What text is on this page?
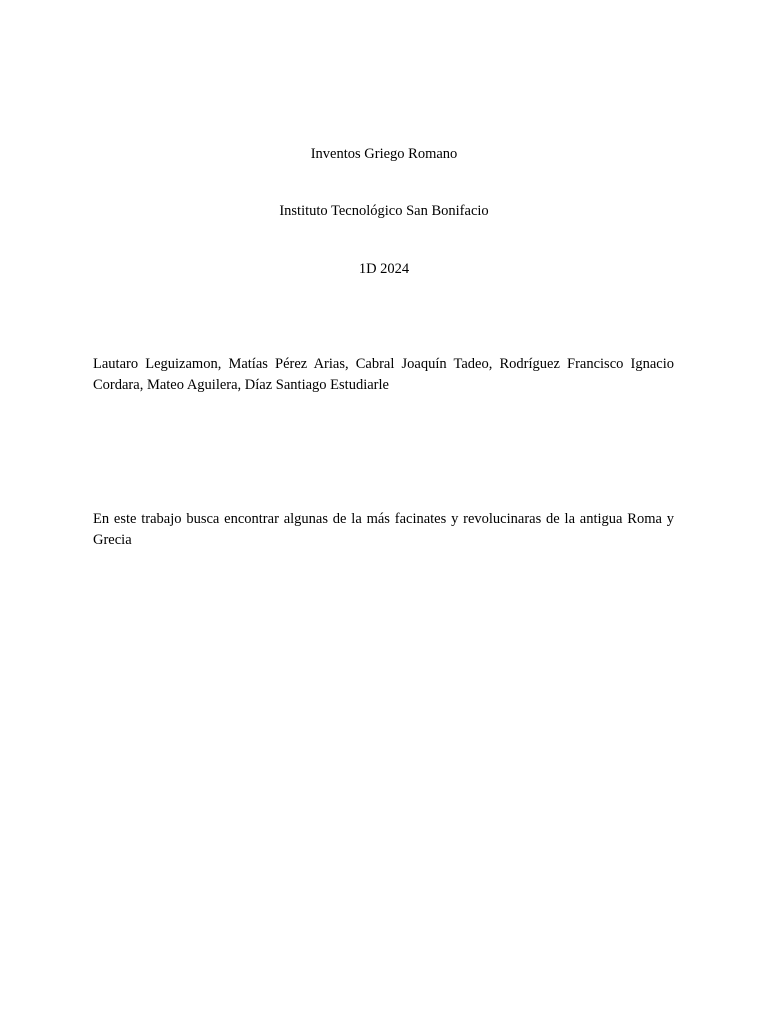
Inventos Griego Romano
Instituto Tecnológico San Bonifacio
1D 2024
Lautaro Leguizamon, Matías Pérez Arias, Cabral Joaquín Tadeo, Rodríguez Francisco Ignacio Cordara, Mateo Aguilera, Díaz Santiago Estudiarle
En este trabajo busca encontrar algunas de la más facinates y revolucinaras de la antigua Roma y Grecia
